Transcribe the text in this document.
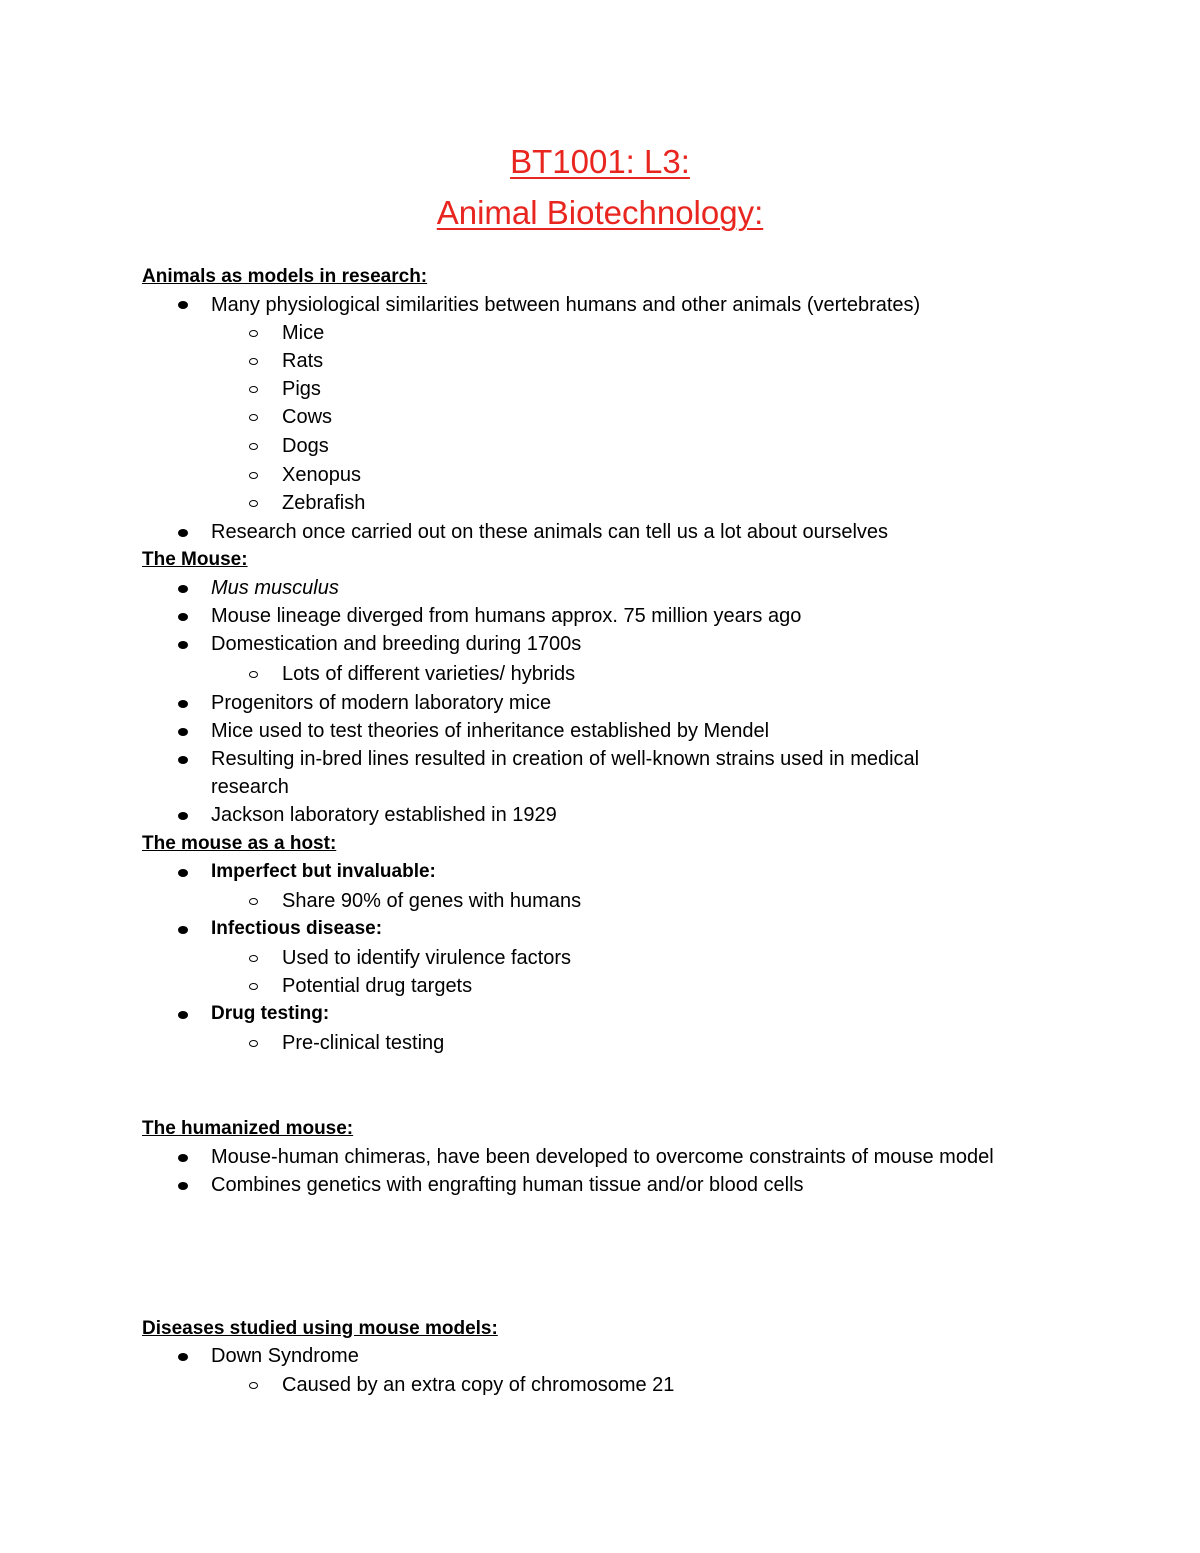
BT1001: L3:
Animal Biotechnology:
Animals as models in research:
Many physiological similarities between humans and other animals (vertebrates)
Mice
Rats
Pigs
Cows
Dogs
Xenopus
Zebrafish
Research once carried out on these animals can tell us a lot about ourselves
The Mouse:
Mus musculus
Mouse lineage diverged from humans approx. 75 million years ago
Domestication and breeding during 1700s
Lots of different varieties/ hybrids
Progenitors of modern laboratory mice
Mice used to test theories of inheritance established by Mendel
Resulting in-bred lines resulted in creation of well-known strains used in medical
research
Jackson laboratory established in 1929
The mouse as a host:
Imperfect but invaluable:
Share 90% of genes with humans
Infectious disease:
Used to identify virulence factors
Potential drug targets
Drug testing:
Pre-clinical testing
The humanized mouse:
Mouse-human chimeras, have been developed to overcome constraints of mouse model
Combines genetics with engrafting human tissue and/or blood cells
Diseases studied using mouse models:
Down Syndrome
Caused by an extra copy of chromosome 21
